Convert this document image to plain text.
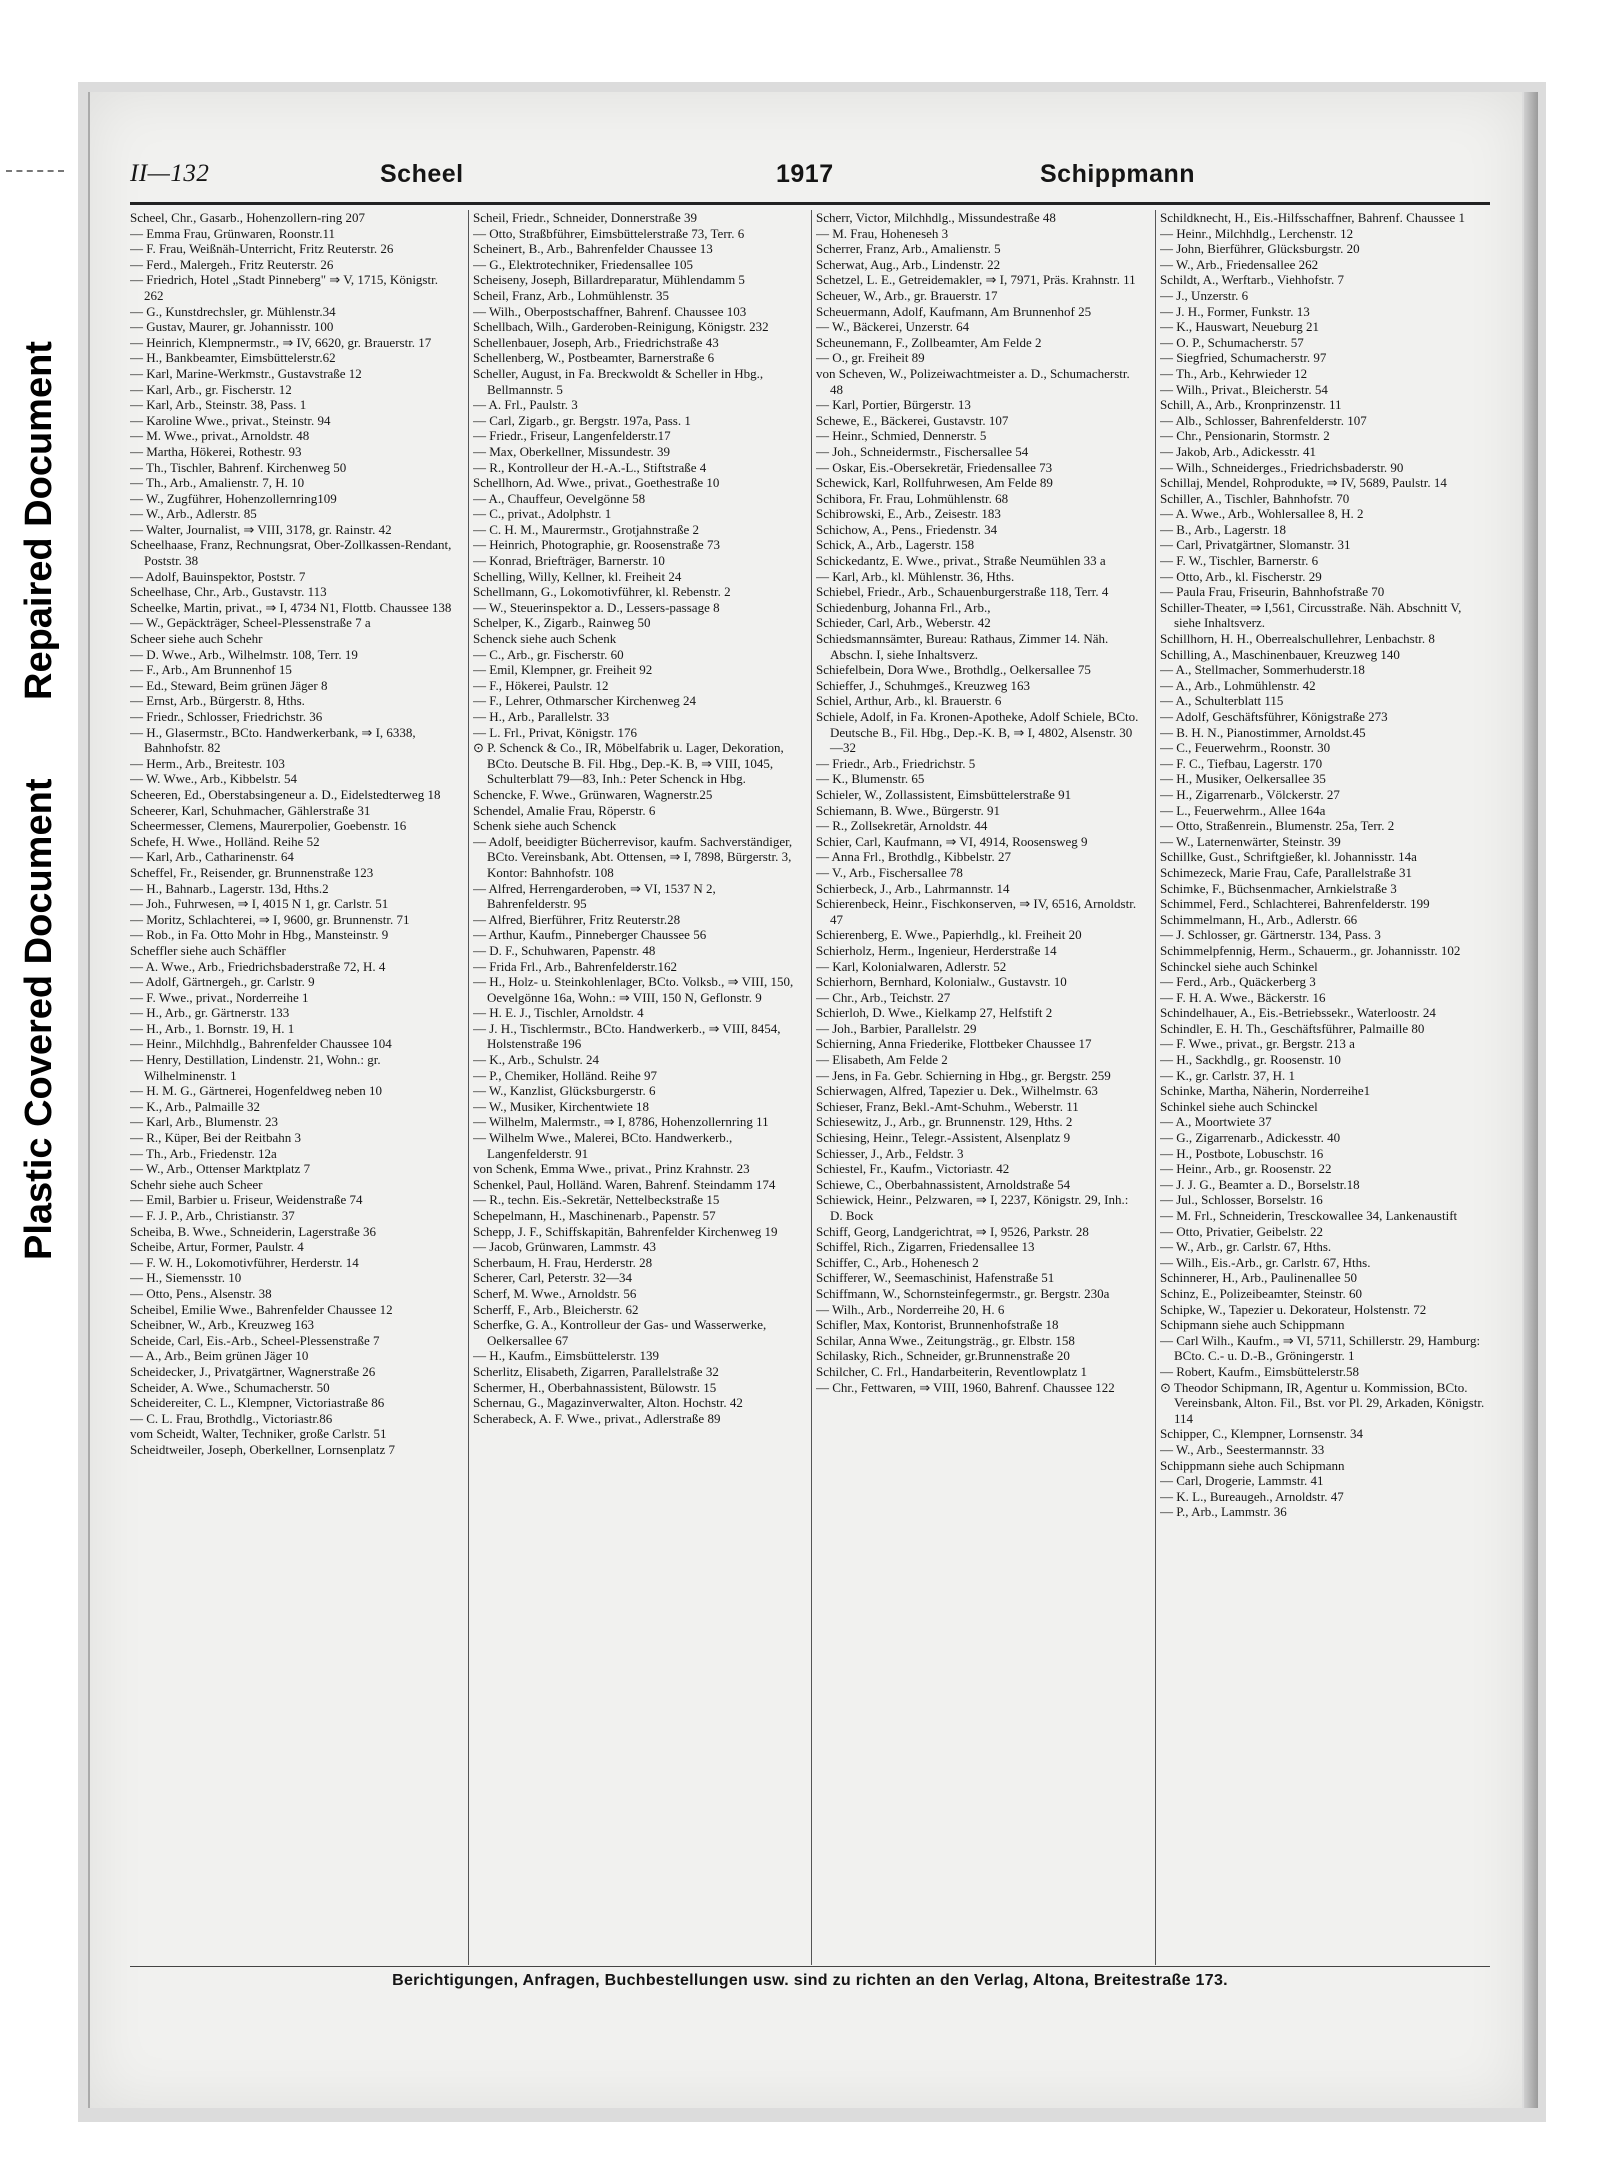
Repaired Document
Plastic Covered Document
II—132	Scheel	1917	Schippmann

Scheel, Chr., Gasarb., Hohenzollern-ring 207

— Emma Frau, Grünwaren, Roonstr.11

— F. Frau, Weißnäh-Unterricht, Fritz Reuterstr. 26

— Ferd., Malergeh., Fritz Reuterstr. 26

— Friedrich, Hotel „Stadt Pinneberg" ⇒ V, 1715, Königstr. 262

— G., Kunstdrechsler, gr. Mühlenstr.34

— Gustav, Maurer, gr. Johannisstr. 100

— Heinrich, Klempnermstr., ⇒ IV, 6620, gr. Brauerstr. 17

— H., Bankbeamter, Eimsbüttelerstr.62

— Karl, Marine-Werkmstr., Gustavstraße 12

— Karl, Arb., gr. Fischerstr. 12

— Karl, Arb., Steinstr. 38, Pass. 1

— Karoline Wwe., privat., Steinstr. 94

— M. Wwe., privat., Arnoldstr. 48

— Martha, Hökerei, Rothestr. 93

— Th., Tischler, Bahrenf. Kirchenweg 50

— Th., Arb., Amalienstr. 7, H. 10

— W., Zugführer, Hohenzollernring109

— W., Arb., Adlerstr. 85

— Walter, Journalist, ⇒ VIII, 3178, gr. Rainstr. 42

Scheelhaase, Franz, Rechnungsrat, Ober-Zollkassen-Rendant, Poststr. 38

— Adolf, Bauinspektor, Poststr. 7

Scheelhase, Chr., Arb., Gustavstr. 113

Scheelke, Martin, privat., ⇒ I, 4734 N1, Flottb. Chaussee 138

— W., Gepäckträger, Scheel-Plessenstraße 7 a

Scheer siehe auch Schehr

— D. Wwe., Arb., Wilhelmstr. 108, Terr. 19

— F., Arb., Am Brunnenhof 15

— Ed., Steward, Beim grünen Jäger 8

— Ernst, Arb., Bürgerstr. 8, Hths.

— Friedr., Schlosser, Friedrichstr. 36

— H., Glasermstr., BCto. Handwerkerbank, ⇒ I, 6338, Bahnhofstr. 82

— Herm., Arb., Breitestr. 103

— W. Wwe., Arb., Kibbelstr. 54

Scheeren, Ed., Oberstabsingeneur a. D., Eidelstedterweg 18

Scheerer, Karl, Schuhmacher, Gählerstraße 31

Scheermesser, Clemens, Maurerpolier, Goebenstr. 16

Schefe, H. Wwe., Holländ. Reihe 52

— Karl, Arb., Catharinenstr. 64

Scheffel, Fr., Reisender, gr. Brunnenstraße 123

— H., Bahnarb., Lagerstr. 13d, Hths.2

— Joh., Fuhrwesen, ⇒ I, 4015 N 1, gr. Carlstr. 51

— Moritz, Schlachterei, ⇒ I, 9600, gr. Brunnenstr. 71

— Rob., in Fa. Otto Mohr in Hbg., Mansteinstr. 9

Scheffler siehe auch Schäffler

— A. Wwe., Arb., Friedrichsbaderstraße 72, H. 4

— Adolf, Gärtnergeh., gr. Carlstr. 9

— F. Wwe., privat., Norderreihe 1

— H., Arb., gr. Gärtnerstr. 133

— H., Arb., 1. Bornstr. 19, H. 1

— Heinr., Milchhdlg., Bahrenfelder Chaussee 104

— Henry, Destillation, Lindenstr. 21, Wohn.: gr. Wilhelminenstr. 1

— H. M. G., Gärtnerei, Hogenfeldweg neben 10

— K., Arb., Palmaille 32

— Karl, Arb., Blumenstr. 23

— R., Küper, Bei der Reitbahn 3

— Th., Arb., Friedenstr. 12a

— W., Arb., Ottenser Marktplatz 7

Schehr siehe auch Scheer

— Emil, Barbier u. Friseur, Weidenstraße 74

— F. J. P., Arb., Christianstr. 37

Scheiba, B. Wwe., Schneiderin, Lagerstraße 36

Scheibe, Artur, Former, Paulstr. 4

— F. W. H., Lokomotivführer, Herderstr. 14

— H., Siemensstr. 10

— Otto, Pens., Alsenstr. 38

Scheibel, Emilie Wwe., Bahrenfelder Chaussee 12

Scheibner, W., Arb., Kreuzweg 163

Scheide, Carl, Eis.-Arb., Scheel-Plessenstraße 7

— A., Arb., Beim grünen Jäger 10

Scheidecker, J., Privatgärtner, Wagnerstraße 26

Scheider, A. Wwe., Schumacherstr. 50

Scheidereiter, C. L., Klempner, Victoriastraße 86

— C. L. Frau, Brothdlg., Victoriastr.86

vom Scheidt, Walter, Techniker, große Carlstr. 51

Scheidtweiler, Joseph, Oberkellner, Lornsenplatz 7

Scheil, Friedr., Schneider, Donnerstraße 39

— Otto, Straßbführer, Eimsbüttelerstraße 73, Terr. 6

Scheinert, B., Arb., Bahrenfelder Chaussee 13

— G., Elektrotechniker, Friedensallee 105

Scheiseny, Joseph, Billardreparatur, Mühlendamm 5

Scheil, Franz, Arb., Lohmühlenstr. 35

— Wilh., Oberpostschaffner, Bahrenf. Chaussee 103

Schellbach, Wilh., Garderoben-Reinigung, Königstr. 232

Schellenbauer, Joseph, Arb., Friedrichstraße 43

Schellenberg, W., Postbeamter, Barnerstraße 6

Scheller, August, in Fa. Breckwoldt & Scheller in Hbg., Bellmannstr. 5

— A. Frl., Paulstr. 3

— Carl, Zigarb., gr. Bergstr. 197a, Pass. 1

— Friedr., Friseur, Langenfelderstr.17

— Max, Oberkellner, Missundestr. 39

— R., Kontrolleur der H.-A.-L., Stiftstraße 4

Schellhorn, Ad. Wwe., privat., Goethestraße 10

— A., Chauffeur, Oevelgönne 58

— C., privat., Adolphstr. 1

— C. H. M., Maurermstr., Grotjahnstraße 2

— Heinrich, Photographie, gr. Roosenstraße 73

— Konrad, Briefträger, Barnerstr. 10

Schelling, Willy, Kellner, kl. Freiheit 24

Schellmann, G., Lokomotivführer, kl. Rebenstr. 2

— W., Steuerinspektor a. D., Lessers-passage 8

Schelper, K., Zigarb., Rainweg 50

Schenck siehe auch Schenk

— C., Arb., gr. Fischerstr. 60

— Emil, Klempner, gr. Freiheit 92

— F., Hökerei, Paulstr. 12

— F., Lehrer, Othmarscher Kirchenweg 24

— H., Arb., Parallelstr. 33

— L. Frl., Privat, Königstr. 176

⊙ P. Schenck & Co., IR, Möbelfabrik u. Lager, Dekoration, BCto. Deutsche B. Fil. Hbg., Dep.-K. B, ⇒ VIII, 1045, Schulterblatt 79—83, Inh.: Peter Schenck in Hbg.

Schencke, F. Wwe., Grünwaren, Wagnerstr.25

Schendel, Amalie Frau, Röperstr. 6

Schenk siehe auch Schenck

— Adolf, beeidigter Bücherrevisor, kaufm. Sachverständiger, BCto. Vereinsbank, Abt. Ottensen, ⇒ I, 7898, Bürgerstr. 3, Kontor: Bahnhofstr. 108

— Alfred, Herrengarderoben, ⇒ VI, 1537 N 2, Bahrenfelderstr. 95

— Alfred, Bierführer, Fritz Reuterstr.28

— Arthur, Kaufm., Pinneberger Chaussee 56

— D. F., Schuhwaren, Papenstr. 48

— Frida Frl., Arb., Bahrenfelderstr.162

— H., Holz- u. Steinkohlenlager, BCto. Volksb., ⇒ VIII, 150, Oevelgönne 16a, Wohn.: ⇒ VIII, 150 N, Geflonstr. 9

— H. E. J., Tischler, Arnoldstr. 4

— J. H., Tischlermstr., BCto. Handwerkerb., ⇒ VIII, 8454, Holstenstraße 196

— K., Arb., Schulstr. 24

— P., Chemiker, Holländ. Reihe 97

— W., Kanzlist, Glücksburgerstr. 6

— W., Musiker, Kirchentwiete 18

— Wilhelm, Malermstr., ⇒ I, 8786, Hohenzollernring 11

— Wilhelm Wwe., Malerei, BCto. Handwerkerb., Langenfelderstr. 91

von Schenk, Emma Wwe., privat., Prinz Krahnstr. 23

Schenkel, Paul, Holländ. Waren, Bahrenf. Steindamm 174

— R., techn. Eis.-Sekretär, Nettelbeckstraße 15

Schepelmann, H., Maschinenarb., Papenstr. 57

Schepp, J. F., Schiffskapitän, Bahrenfelder Kirchenweg 19

— Jacob, Grünwaren, Lammstr. 43

Scherbaum, H. Frau, Herderstr. 28

Scherer, Carl, Peterstr. 32—34

Scherf, M. Wwe., Arnoldstr. 56

Scherff, F., Arb., Bleicherstr. 62

Scherfke, G. A., Kontrolleur der Gas- und Wasserwerke, Oelkersallee 67

— H., Kaufm., Eimsbüttelerstr. 139

Scherlitz, Elisabeth, Zigarren, Parallelstraße 32

Schermer, H., Oberbahnassistent, Bülowstr. 15

Schernau, G., Magazinverwalter, Alton. Hochstr. 42

Scherabeck, A. F. Wwe., privat., Adlerstraße 89

Scherr, Victor, Milchhdlg., Missundestraße 48

— M. Frau, Hoheneseh 3

Scherrer, Franz, Arb., Amalienstr. 5

Scherwat, Aug., Arb., Lindenstr. 22

Schetzel, L. E., Getreidemakler, ⇒ I, 7971, Präs. Krahnstr. 11

Scheuer, W., Arb., gr. Brauerstr. 17

Scheuermann, Adolf, Kaufmann, Am Brunnenhof 25

— W., Bäckerei, Unzerstr. 64

Scheunemann, F., Zollbeamter, Am Felde 2

— O., gr. Freiheit 89

von Scheven, W., Polizeiwachtmeister a. D., Schumacherstr. 48

— Karl, Portier, Bürgerstr. 13

Schewe, E., Bäckerei, Gustavstr. 107

— Heinr., Schmied, Dennerstr. 5

— Joh., Schneidermstr., Fischersallee 54

— Oskar, Eis.-Obersekretär, Friedensallee 73

Schewick, Karl, Rollfuhrwesen, Am Felde 89

Schibora, Fr. Frau, Lohmühlenstr. 68

Schibrowski, E., Arb., Zeisestr. 183

Schichow, A., Pens., Friedenstr. 34

Schick, A., Arb., Lagerstr. 158

Schickedantz, E. Wwe., privat., Straße Neumühlen 33 a

— Karl, Arb., kl. Mühlenstr. 36, Hths.

Schiebel, Friedr., Arb., Schauenburgerstraße 118, Terr. 4

Schiedenburg, Johanna Frl., Arb.,

Schieder, Carl, Arb., Weberstr. 42

Schiedsmannsämter, Bureau: Rathaus, Zimmer 14. Näh. Abschn. I, siehe Inhaltsverz.

Schiefelbein, Dora Wwe., Brothdlg., Oelkersallee 75

Schieffer, J., Schuhmgeš., Kreuzweg 163

Schiel, Arthur, Arb., kl. Brauerstr. 6

Schiele, Adolf, in Fa. Kronen-Apotheke, Adolf Schiele, BCto. Deutsche B., Fil. Hbg., Dep.-K. B, ⇒ I, 4802, Alsenstr. 30—32

— Friedr., Arb., Friedrichstr. 5

— K., Blumenstr. 65

Schieler, W., Zollassistent, Eimsbüttelerstraße 91

Schiemann, B. Wwe., Bürgerstr. 91

— R., Zollsekretär, Arnoldstr. 44

Schier, Carl, Kaufmann, ⇒ VI, 4914, Roosensweg 9

— Anna Frl., Brothdlg., Kibbelstr. 27

— V., Arb., Fischersallee 78

Schierbeck, J., Arb., Lahrmannstr. 14

Schierenbeck, Heinr., Fischkonserven, ⇒ IV, 6516, Arnoldstr. 47

Schierenberg, E. Wwe., Papierhdlg., kl. Freiheit 20

Schierholz, Herm., Ingenieur, Herderstraße 14

— Karl, Kolonialwaren, Adlerstr. 52

Schierhorn, Bernhard, Kolonialw., Gustavstr. 10

— Chr., Arb., Teichstr. 27

Schierloh, D. Wwe., Kielkamp 27, Helfstift 2

— Joh., Barbier, Parallelstr. 29

Schierning, Anna Friederike, Flottbeker Chaussee 17

— Elisabeth, Am Felde 2

— Jens, in Fa. Gebr. Schierning in Hbg., gr. Bergstr. 259

Schierwagen, Alfred, Tapezier u. Dek., Wilhelmstr. 63

Schieser, Franz, Bekl.-Amt-Schuhm., Weberstr. 11

Schiesewitz, J., Arb., gr. Brunnenstr. 129, Hths. 2

Schiesing, Heinr., Telegr.-Assistent, Alsenplatz 9

Schiesser, J., Arb., Feldstr. 3

Schiestel, Fr., Kaufm., Victoriastr. 42

Schiewe, C., Oberbahnassistent, Arnoldstraße 54

Schiewick, Heinr., Pelzwaren, ⇒ I, 2237, Königstr. 29, Inh.: D. Bock

Schiff, Georg, Landgerichtrat, ⇒ I, 9526, Parkstr. 28

Schiffel, Rich., Zigarren, Friedensallee 13

Schiffer, C., Arb., Hohenesch 2

Schifferer, W., Seemaschinist, Hafenstraße 51

Schiffmann, W., Schornsteinfegermstr., gr. Bergstr. 230a

— Wilh., Arb., Norderreihe 20, H. 6

Schifler, Max, Kontorist, Brunnenhofstraße 18

Schilar, Anna Wwe., Zeitungsträg., gr. Elbstr. 158

Schilasky, Rich., Schneider, gr.Brunnenstraße 20

Schilcher, C. Frl., Handarbeiterin, Reventlowplatz 1

— Chr., Fettwaren, ⇒ VIII, 1960, Bahrenf. Chaussee 122

Schildknecht, H., Eis.-Hilfsschaffner, Bahrenf. Chaussee 1

— Heinr., Milchhdlg., Lerchenstr. 12

— John, Bierführer, Glücksburgstr. 20

— W., Arb., Friedensallee 262

Schildt, A., Werftarb., Viehhofstr. 7

— J., Unzerstr. 6

— J. H., Former, Funkstr. 13

— K., Hauswart, Neueburg 21

— O. P., Schumacherstr. 57

— Siegfried, Schumacherstr. 97

— Th., Arb., Kehrwieder 12

— Wilh., Privat., Bleicherstr. 54

Schill, A., Arb., Kronprinzenstr. 11

— Alb., Schlosser, Bahrenfelderstr. 107

— Chr., Pensionarin, Stormstr. 2

— Jakob, Arb., Adickesstr. 41

— Wilh., Schneiderges., Friedrichsbaderstr. 90

Schillaj, Mendel, Rohprodukte, ⇒ IV, 5689, Paulstr. 14

Schiller, A., Tischler, Bahnhofstr. 70

— A. Wwe., Arb., Wohlersallee 8, H. 2

— B., Arb., Lagerstr. 18

— Carl, Privatgärtner, Slomanstr. 31

— F. W., Tischler, Barnerstr. 6

— Otto, Arb., kl. Fischerstr. 29

— Paula Frau, Friseurin, Bahnhofstraße 70

Schiller-Theater, ⇒ I,561, Circusstraße. Näh. Abschnitt V, siehe Inhaltsverz.

Schillhorn, H. H., Oberrealschullehrer, Lenbachstr. 8

Schilling, A., Maschinenbauer, Kreuzweg 140

— A., Stellmacher, Sommerhuderstr.18

— A., Arb., Lohmühlenstr. 42

— A., Schulterblatt 115

— Adolf, Geschäftsführer, Königstraße 273

— B. H. N., Pianostimmer, Arnoldst.45

— C., Feuerwehrm., Roonstr. 30

— F. C., Tiefbau, Lagerstr. 170

— H., Musiker, Oelkersallee 35

— H., Zigarrenarb., Völckerstr. 27

— L., Feuerwehrm., Allee 164a

— Otto, Straßenrein., Blumenstr. 25a, Terr. 2

— W., Laternenwärter, Steinstr. 39

Schillke, Gust., Schriftgießer, kl. Johannisstr. 14a

Schimezeck, Marie Frau, Cafe, Parallelstraße 31

Schimke, F., Büchsenmacher, Arnkielstraße 3

Schimmel, Ferd., Schlachterei, Bahrenfelderstr. 199

Schimmelmann, H., Arb., Adlerstr. 66

— J. Schlosser, gr. Gärtnerstr. 134, Pass. 3

Schimmelpfennig, Herm., Schauerm., gr. Johannisstr. 102

Schinckel siehe auch Schinkel

— Ferd., Arb., Quäckerberg 3

— F. H. A. Wwe., Bäckerstr. 16

Schindelhauer, A., Eis.-Betriebssekr., Waterloostr. 24

Schindler, E. H. Th., Geschäftsführer, Palmaille 80

— F. Wwe., privat., gr. Bergstr. 213 a

— H., Sackhdlg., gr. Roosenstr. 10

— K., gr. Carlstr. 37, H. 1

Schinke, Martha, Näherin, Norderreihe1

Schinkel siehe auch Schinckel

— A., Moortwiete 37

— G., Zigarrenarb., Adickesstr. 40

— H., Postbote, Lobuschstr. 16

— Heinr., Arb., gr. Roosenstr. 22

— J. J. G., Beamter a. D., Borselstr.18

— Jul., Schlosser, Borselstr. 16

— M. Frl., Schneiderin, Tresckowallee 34, Lankenaustift

— Otto, Privatier, Geibelstr. 22

— W., Arb., gr. Carlstr. 67, Hths.

— Wilh., Eis.-Arb., gr. Carlstr. 67, Hths.

Schinnerer, H., Arb., Paulinenallee 50

Schinz, E., Polizeibeamter, Steinstr. 60

Schipke, W., Tapezier u. Dekorateur, Holstenstr. 72

Schipmann siehe auch Schippmann

— Carl Wilh., Kaufm., ⇒ VI, 5711, Schillerstr. 29, Hamburg: BCto. C.- u. D.-B., Gröningerstr. 1

— Robert, Kaufm., Eimsbüttelerstr.58

⊙ Theodor Schipmann, IR, Agentur u. Kommission, BCto. Vereinsbank, Alton. Fil., Bst. vor Pl. 29, Arkaden, Königstr. 114

Schipper, C., Klempner, Lornsenstr. 34

— W., Arb., Seestermannstr. 33

Schippmann siehe auch Schipmann

— Carl, Drogerie, Lammstr. 41

— K. L., Bureaugeh., Arnoldstr. 47

— P., Arb., Lammstr. 36

Berichtigungen, Anfragen, Buchbestellungen usw. sind zu richten an den Verlag, Altona, Breitestraße 173.
